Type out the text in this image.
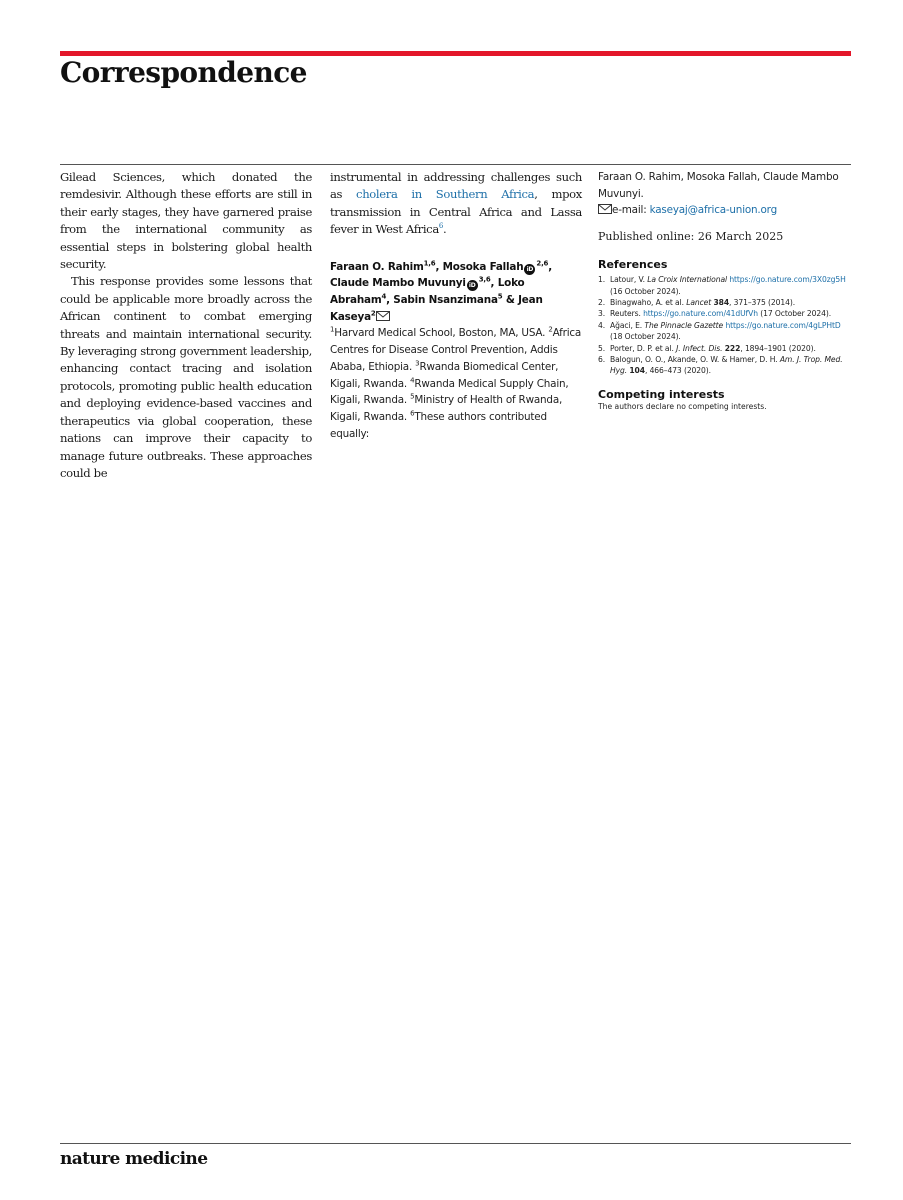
Correspondence

Gilead Sciences, which donated the remdesivir. Although these efforts are still in their early stages, they have garnered praise from the international community as essential steps in bolstering global health security.

This response provides some lessons that could be applicable more broadly across the African continent to combat emerging threats and maintain international security. By leveraging strong government leadership, enhancing contact tracing and isolation protocols, promoting public health education and deploying evidence-based vaccines and therapeutics via global cooperation, these nations can improve their capacity to manage future outbreaks. These approaches could be

instrumental in addressing challenges such as cholera in Southern Africa, mpox transmission in Central Africa and Lassa fever in West Africa$^6$.

Faraan O. Rahim$^{1,6}$, Mosoka Fallah iD$^{2,6}$, Claude Mambo Muvunyi iD$^{3,6}$, Loko Abraham$^4$, Sabin Nsanzimana$^5$ & Jean Kaseya$^2$
$^1$Harvard Medical School, Boston, MA, USA. $^2$Africa Centres for Disease Control Prevention, Addis Ababa, Ethiopia. $^3$Rwanda Biomedical Center, Kigali, Rwanda. $^4$Rwanda Medical Supply Chain, Kigali, Rwanda. $^5$Ministry of Health of Rwanda, Kigali, Rwanda. $^6$These authors contributed equally:
Faraan O. Rahim, Mosoka Fallah, Claude Mambo Muvunyi.
e-mail: kaseyaj@africa-union.org
Published online: 26 March 2025
References
1. Latour, V. La Croix International https://go.nature.com/3X0zg5H (16 October 2024).
2. Binagwaho, A. et al. Lancet 384, 371–375 (2014).
3. Reuters. https://go.nature.com/41dUfVh (17 October 2024).
4. Ağaci, E. The Pinnacle Gazette https://go.nature.com/4gLPHtD (18 October 2024).
5. Porter, D. P. et al. J. Infect. Dis. 222, 1894–1901 (2020).
6. Balogun, O. O., Akande, O. W. & Hamer, D. H. Am. J. Trop. Med. Hyg. 104, 466–473 (2020).
Competing interests
The authors declare no competing interests.
nature medicine
